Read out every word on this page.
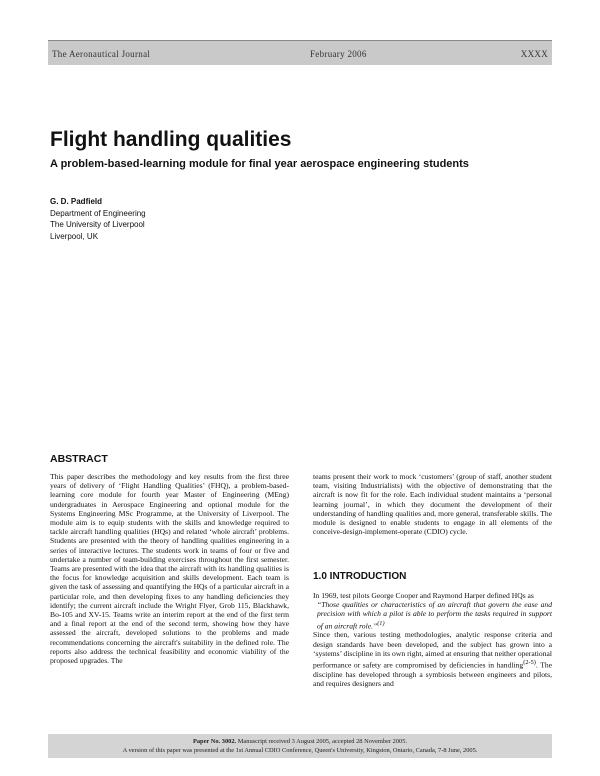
The Aeronautical Journal	February 2006	XXXX
Flight handling qualities
A problem-based-learning module for final year aerospace engineering students
G. D. Padfield
Department of Engineering
The University of Liverpool
Liverpool, UK
ABSTRACT

This paper describes the methodology and key results from the first three years of delivery of ‘Flight Handling Qualities’ (FHQ), a problem-based-learning core module for fourth year Master of Engineering (MEng) undergraduates in Aerospace Engineering and optional module for the Systems Engineering MSc Programme, at the University of Liverpool. The module aim is to equip students with the skills and knowledge required to tackle aircraft handling qualities (HQs) and related ‘whole aircraft’ problems. Students are presented with the theory of handling qualities engineering in a series of interactive lectures. The students work in teams of four or five and undertake a number of team-building exercises throughout the first semester. Teams are presented with the idea that the aircraft with its handling qualities is the focus for knowledge acquisition and skills development. Each team is given the task of assessing and quantifying the HQs of a particular aircraft in a particular role, and then developing fixes to any handling deficiencies they identify; the current aircraft include the Wright Flyer, Grob 115, Blackhawk, Bo-105 and XV-15. Teams write an interim report at the end of the first term and a final report at the end of the second term, showing how they have assessed the aircraft, developed solutions to the problems and made recommendations concerning the aircraft's suitability in the defined role. The reports also address the technical feasibility and economic viability of the proposed upgrades. The

teams present their work to mock ‘customers’ (group of staff, another student team, visiting Industrialists) with the objective of demonstrating that the aircraft is now fit for the role. Each individual student maintains a ‘personal learning journal’, in which they document the development of their understanding of handling qualities and, more general, transferable skills. The module is designed to enable students to engage in all elements of the conceive-design-implement-operate (CDIO) cycle.

1.0 INTRODUCTION
In 1969, test pilots George Cooper and Raymond Harper defined HQs as
“Those qualities or characteristics of an aircraft that govern the ease and precision with which a pilot is able to perform the tasks required in support of an aircraft role.”$^{(1)}$
Since then, various testing methodologies, analytic response criteria and design standards have been developed, and the subject has grown into a ‘systems’ discipline in its own right, aimed at ensuring that neither operational performance or safety are compromised by deficiencies in handling$^{(2-5)}$. The discipline has developed through a symbiosis between engineers and pilots, and requires designers and
Paper No. 3002. Manuscript received 3 August 2005, accepted 28 November 2005.
A version of this paper was presented at the 1st Annual CDIO Conference, Queen's University, Kingston, Ontario, Canada, 7-8 June, 2005.
